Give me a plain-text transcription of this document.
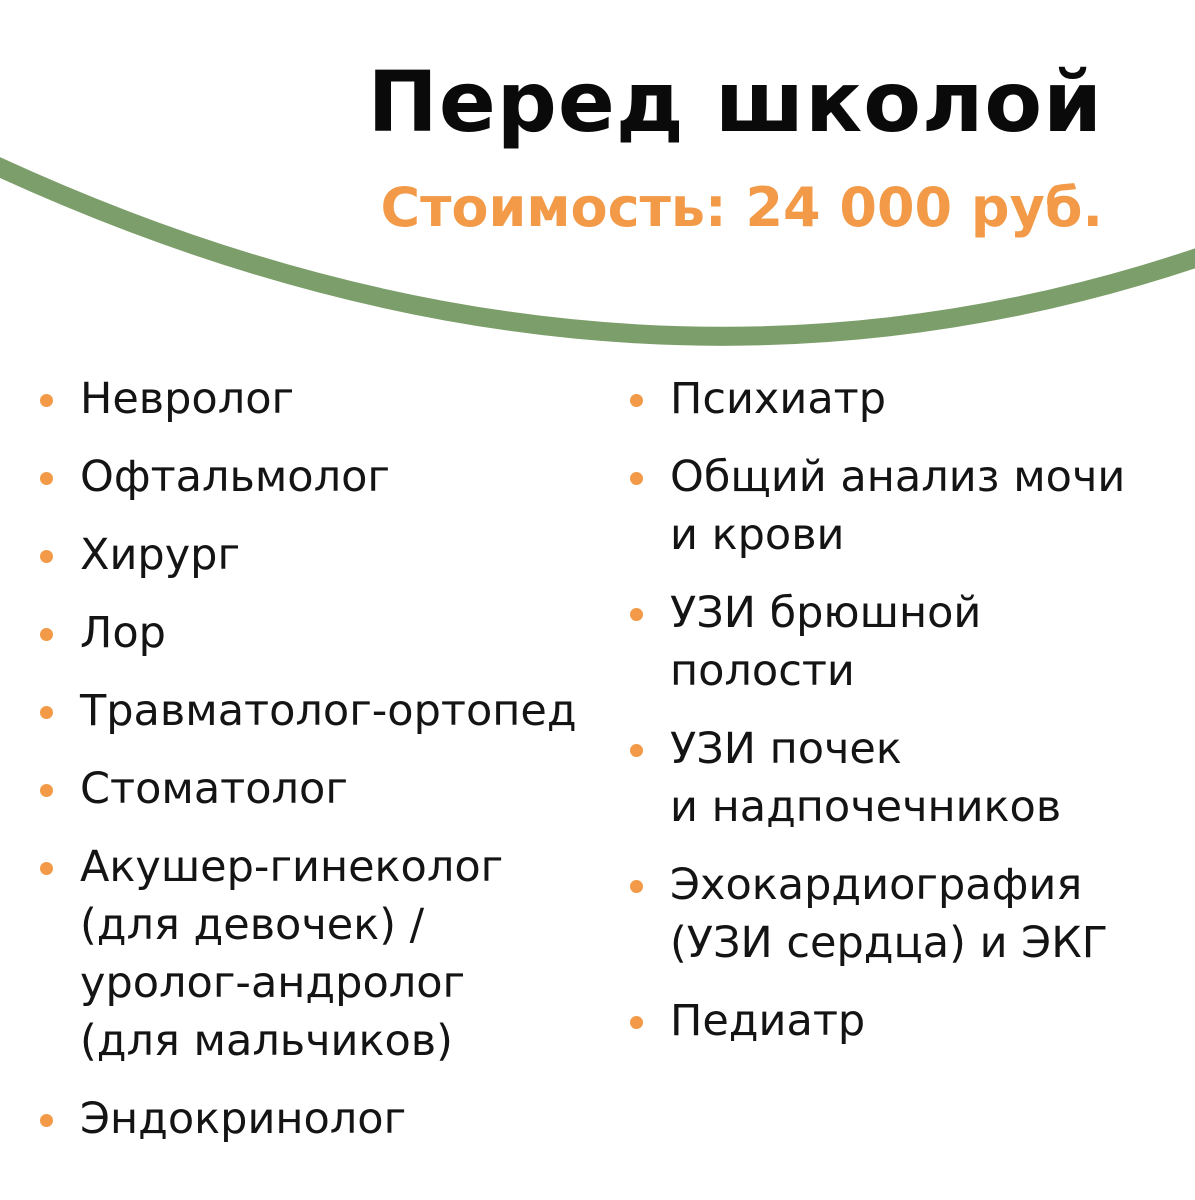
Перед школой
Стоимость: 24 000 руб.
Невролог
Офтальмолог
Хирург
Лор
Травматолог-ортопед
Стоматолог
Акушер-гинеколог
(для девочек) /
уролог-андролог
(для мальчиков)
Эндокринолог
Психиатр
Общий анализ мочи
и крови
УЗИ брюшной
полости
УЗИ почек
и надпочечников
Эхокардиография
(УЗИ сердца) и ЭКГ
Педиатр
